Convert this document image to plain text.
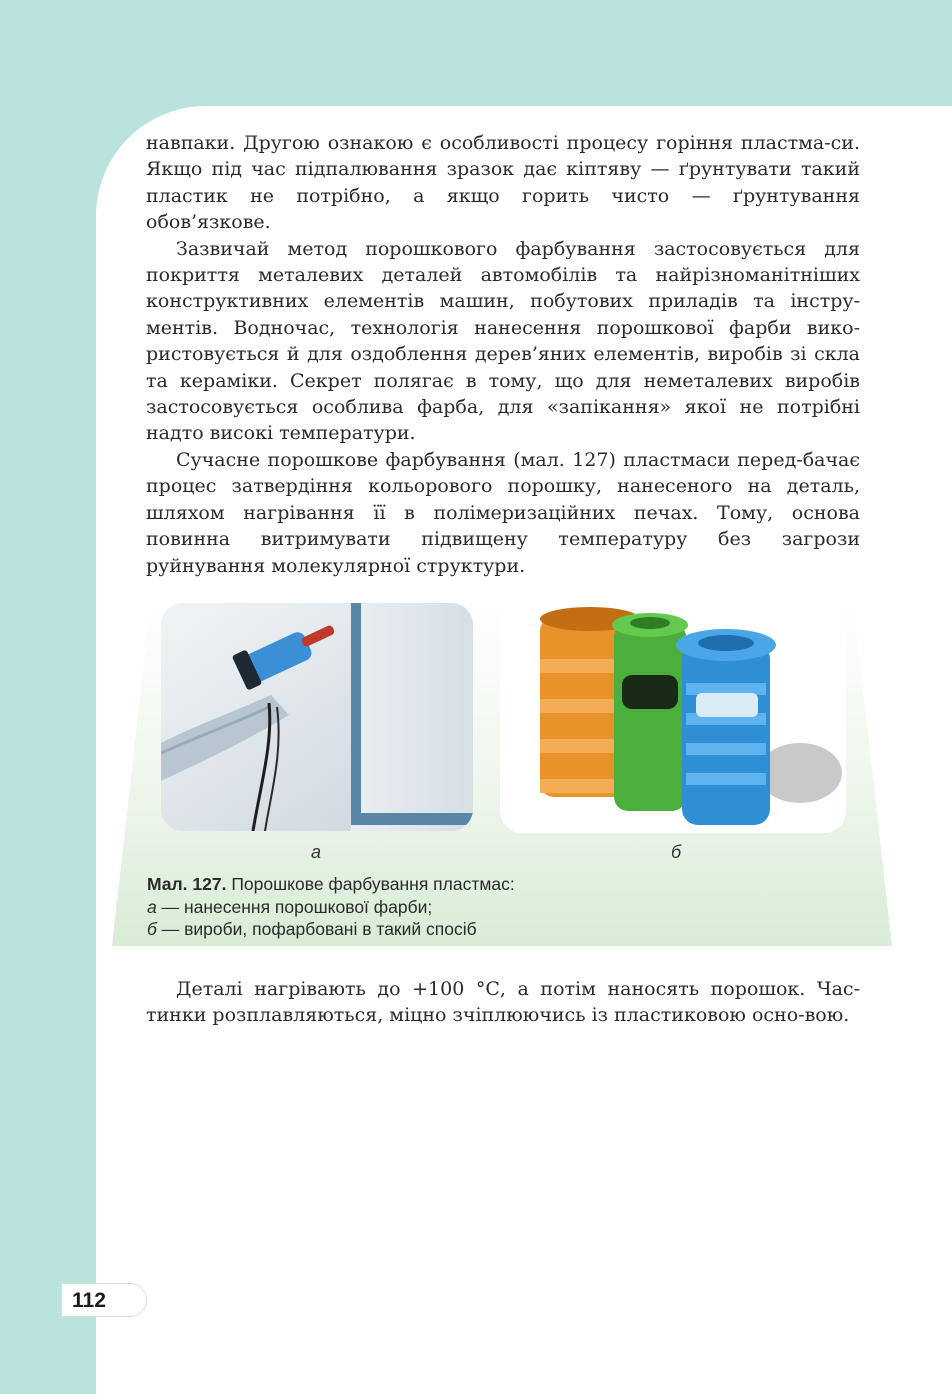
навпаки. Другою ознакою є особливості процесу горіння пластма-си. Якщо під час підпалювання зразок дає кіптяву — ґрунтувати такий пластик не потрібно, а якщо горить чисто — ґрунтування обов’язкове.

Зазвичай метод порошкового фарбування застосовується для покриття металевих деталей автомобілів та найрізноманітніших конструктивних елементів машин, побутових приладів та інстру-ментів. Водночас, технологія нанесення порошкової фарби вико-ристовується й для оздоблення дерев’яних елементів, виробів зі скла та кераміки. Секрет полягає в тому, що для неметалевих виробів застосовується особлива фарба, для «запікання» якої не потрібні надто високі температури.

Сучасне порошкове фарбування (мал. 127) пластмаси перед-бачає процес затвердіння кольорового порошку, нанесеного на деталь, шляхом нагрівання її в полімеризаційних печах. Тому, основа повинна витримувати підвищену температуру без загрози руйнування молекулярної структури.

а	б
Мал. 127. Порошкове фарбування пластмас:
а — нанесення порошкової фарби;
б — вироби, пофарбовані в такий спосіб

Деталі нагрівають до +100 °С, а потім наносять порошок. Час-тинки розплавляються, міцно зчіплюючись із пластиковою осно-вою.

112
